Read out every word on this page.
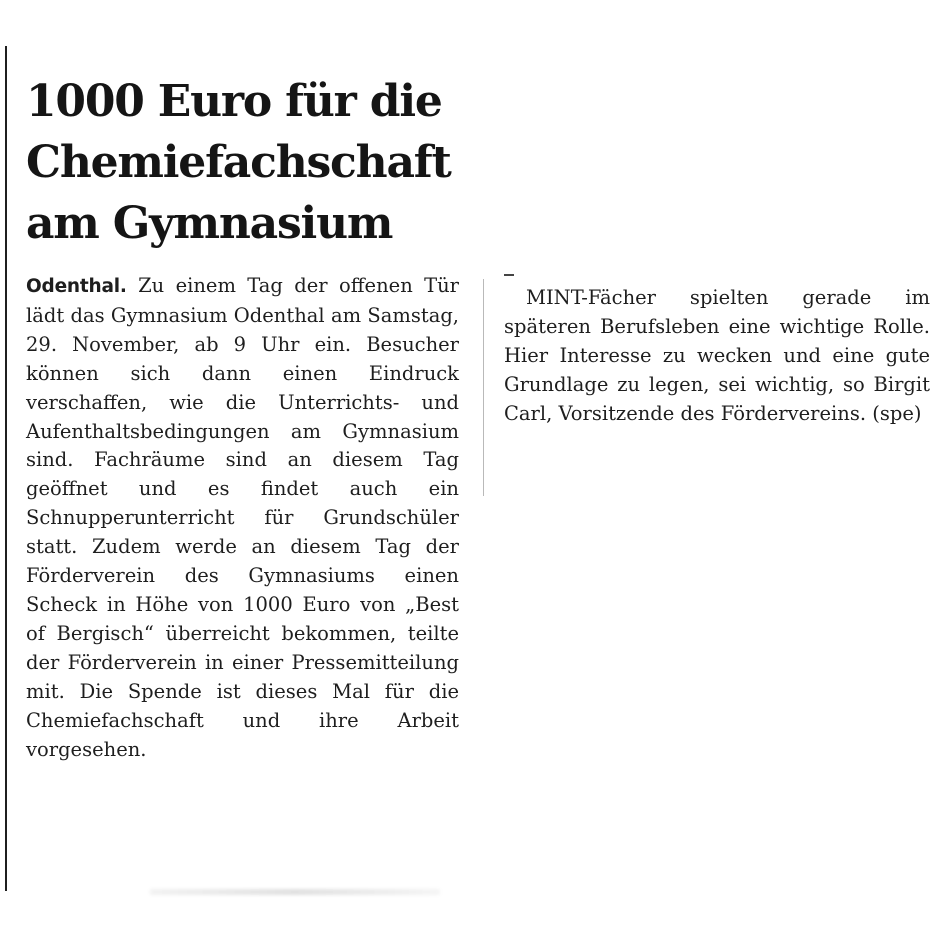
1000 Euro für die Chemiefachschaft am Gymnasium

Odenthal. Zu einem Tag der offenen Tür lädt das Gymnasium Odenthal am Samstag, 29. November, ab 9 Uhr ein. Besucher können sich dann einen Eindruck verschaffen, wie die Unterrichts- und Aufenthaltsbedingungen am Gymnasium sind. Fachräume sind an diesem Tag geöffnet und es findet auch ein Schnupperunterricht für Grundschüler statt. Zudem werde an diesem Tag der Förderverein des Gymnasiums einen Scheck in Höhe von 1000 Euro von „Best of Bergisch“ überreicht bekommen, teilte der Förderverein in einer Pressemitteilung mit. Die Spende ist dieses Mal für die Chemiefachschaft und ihre Arbeit vorgesehen.

MINT-Fächer spielten gerade im späteren Berufsleben eine wichtige Rolle. Hier Interesse zu wecken und eine gute Grundlage zu legen, sei wichtig, so Birgit Carl, Vorsitzende des Fördervereins. (spe)
